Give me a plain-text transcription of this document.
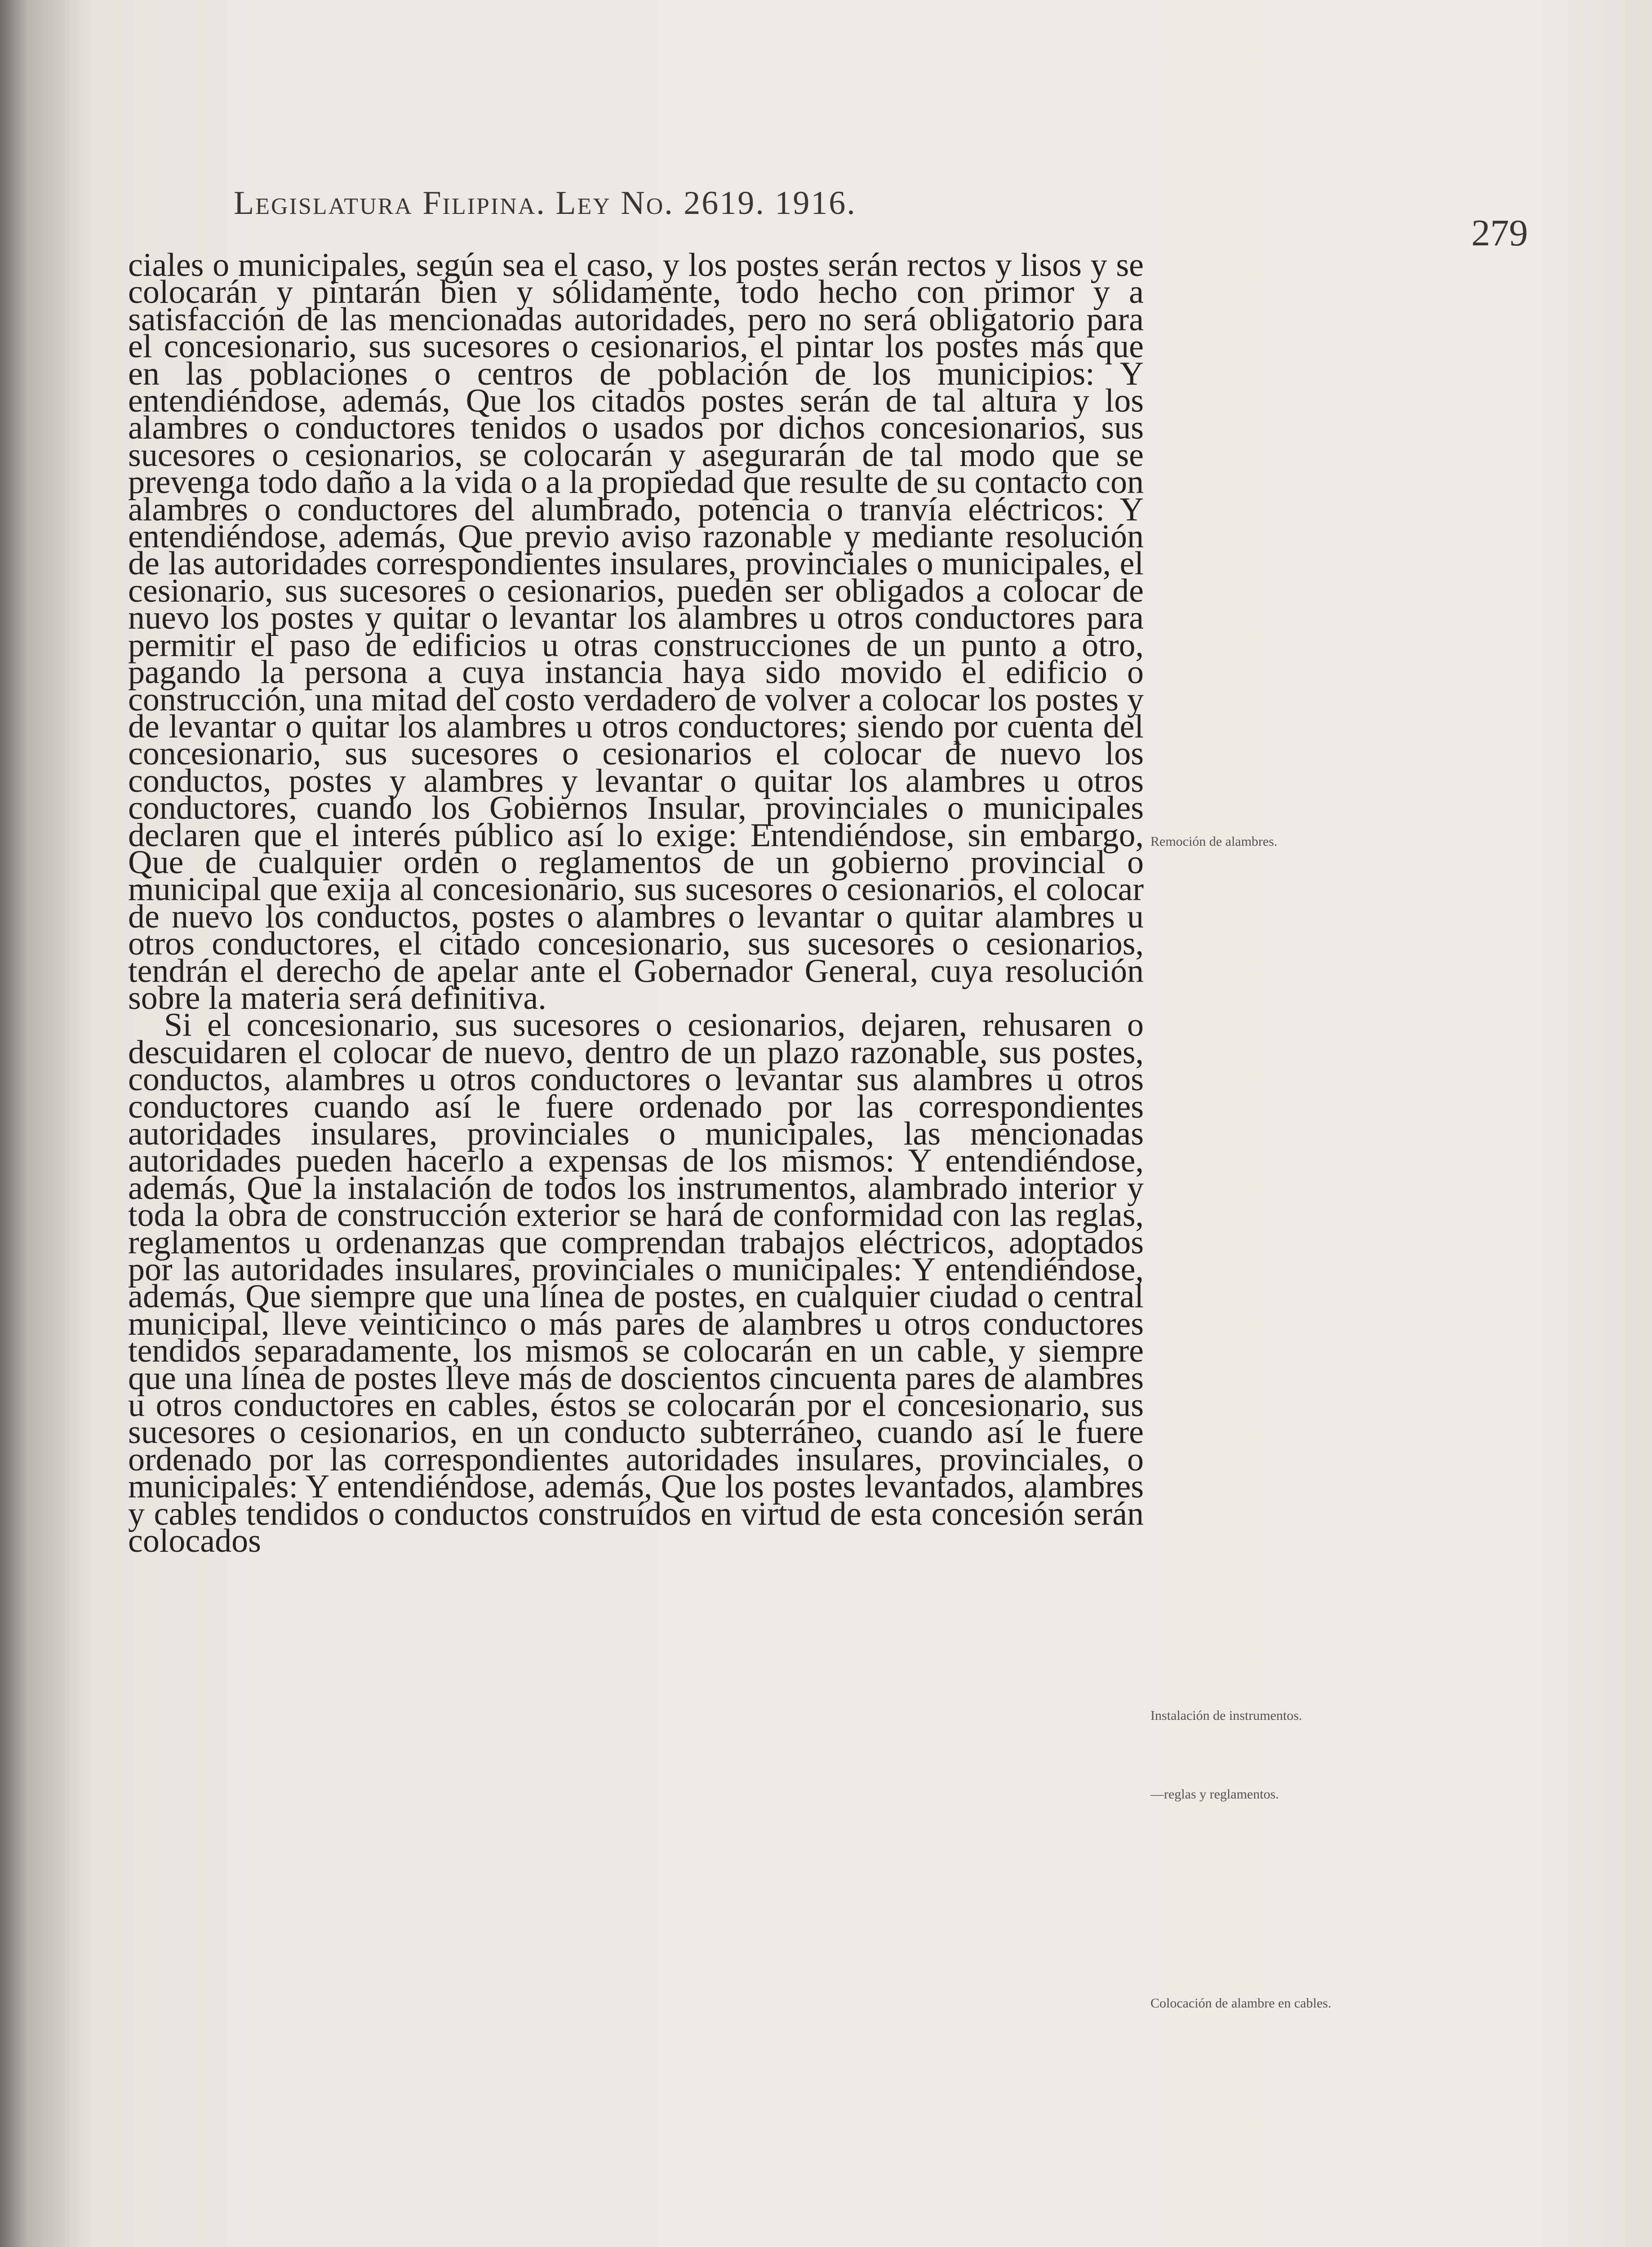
Legislatura Filipina. Ley No. 2619. 1916.
279

ciales o municipales, según sea el caso, y los postes serán rectos y lisos y se colocarán y pintarán bien y sólidamente, todo hecho con primor y a satisfacción de las mencionadas autoridades, pero no será obligatorio para el concesionario, sus sucesores o cesionarios, el pintar los postes más que en las poblaciones o centros de población de los municipios: Y entendiéndose, además, Que los citados postes serán de tal altura y los alambres o conductores tenidos o usados por dichos concesionarios, sus sucesores o cesionarios, se colocarán y asegurarán de tal modo que se prevenga todo daño a la vida o a la propiedad que resulte de su contacto con alambres o conductores del alumbrado, potencia o tranvía eléctricos: Y entendiéndose, además, Que previo aviso razonable y mediante resolución de las autoridades correspondientes insulares, provinciales o municipales, el cesionario, sus sucesores o cesionarios, pueden ser obligados a colocar de nuevo los postes y quitar o levantar los alambres u otros conductores para permitir el paso de edificios u otras construcciones de un punto a otro, pagando la persona a cuya instancia haya sido movido el edificio o construcción, una mitad del costo verdadero de volver a colocar los postes y de levantar o quitar los alambres u otros conductores; siendo por cuenta del concesionario, sus sucesores o cesionarios el colocar de nuevo los conductos, postes y alambres y levantar o quitar los alambres u otros conductores, cuando los Gobiernos Insular, provinciales o municipales declaren que el interés público así lo exige: Entendiéndose, sin embargo, Que de cualquier orden o reglamentos de un gobierno provincial o municipal que exija al concesionario, sus sucesores o cesionarios, el colocar de nuevo los conductos, postes o alambres o levantar o quitar alambres u otros conductores, el citado concesionario, sus sucesores o cesionarios, tendrán el derecho de apelar ante el Gobernador General, cuya resolución sobre la materia será definitiva.

Si el concesionario, sus sucesores o cesionarios, dejaren, rehusaren o descuidaren el colocar de nuevo, dentro de un plazo razonable, sus postes, conductos, alambres u otros conductores o levantar sus alambres u otros conductores cuando así le fuere ordenado por las correspondientes autoridades insulares, provinciales o municipales, las mencionadas autoridades pueden hacerlo a expensas de los mismos: Y entendiéndose, además, Que la instalación de todos los instrumentos, alambrado interior y toda la obra de construcción exterior se hará de conformidad con las reglas, reglamentos u ordenanzas que comprendan trabajos eléctricos, adoptados por las autoridades insulares, provinciales o municipales: Y entendiéndose, además, Que siempre que una línea de postes, en cualquier ciudad o central municipal, lleve veinticinco o más pares de alambres u otros conductores tendidos separadamente, los mismos se colocarán en un cable, y siempre que una línea de postes lleve más de doscientos cincuenta pares de alambres u otros conductores en cables, éstos se colocarán por el concesionario, sus sucesores o cesionarios, en un conducto subterráneo, cuando así le fuere ordenado por las correspondientes autoridades insulares, provinciales, o municipales: Y entendiéndose, además, Que los postes levantados, alambres y cables tendidos o conductos construídos en virtud de esta concesión serán colocados

Remoción de alambres.
Instalación de instrumentos.
—reglas y reglamentos.
Colocación de alambre en cables.
